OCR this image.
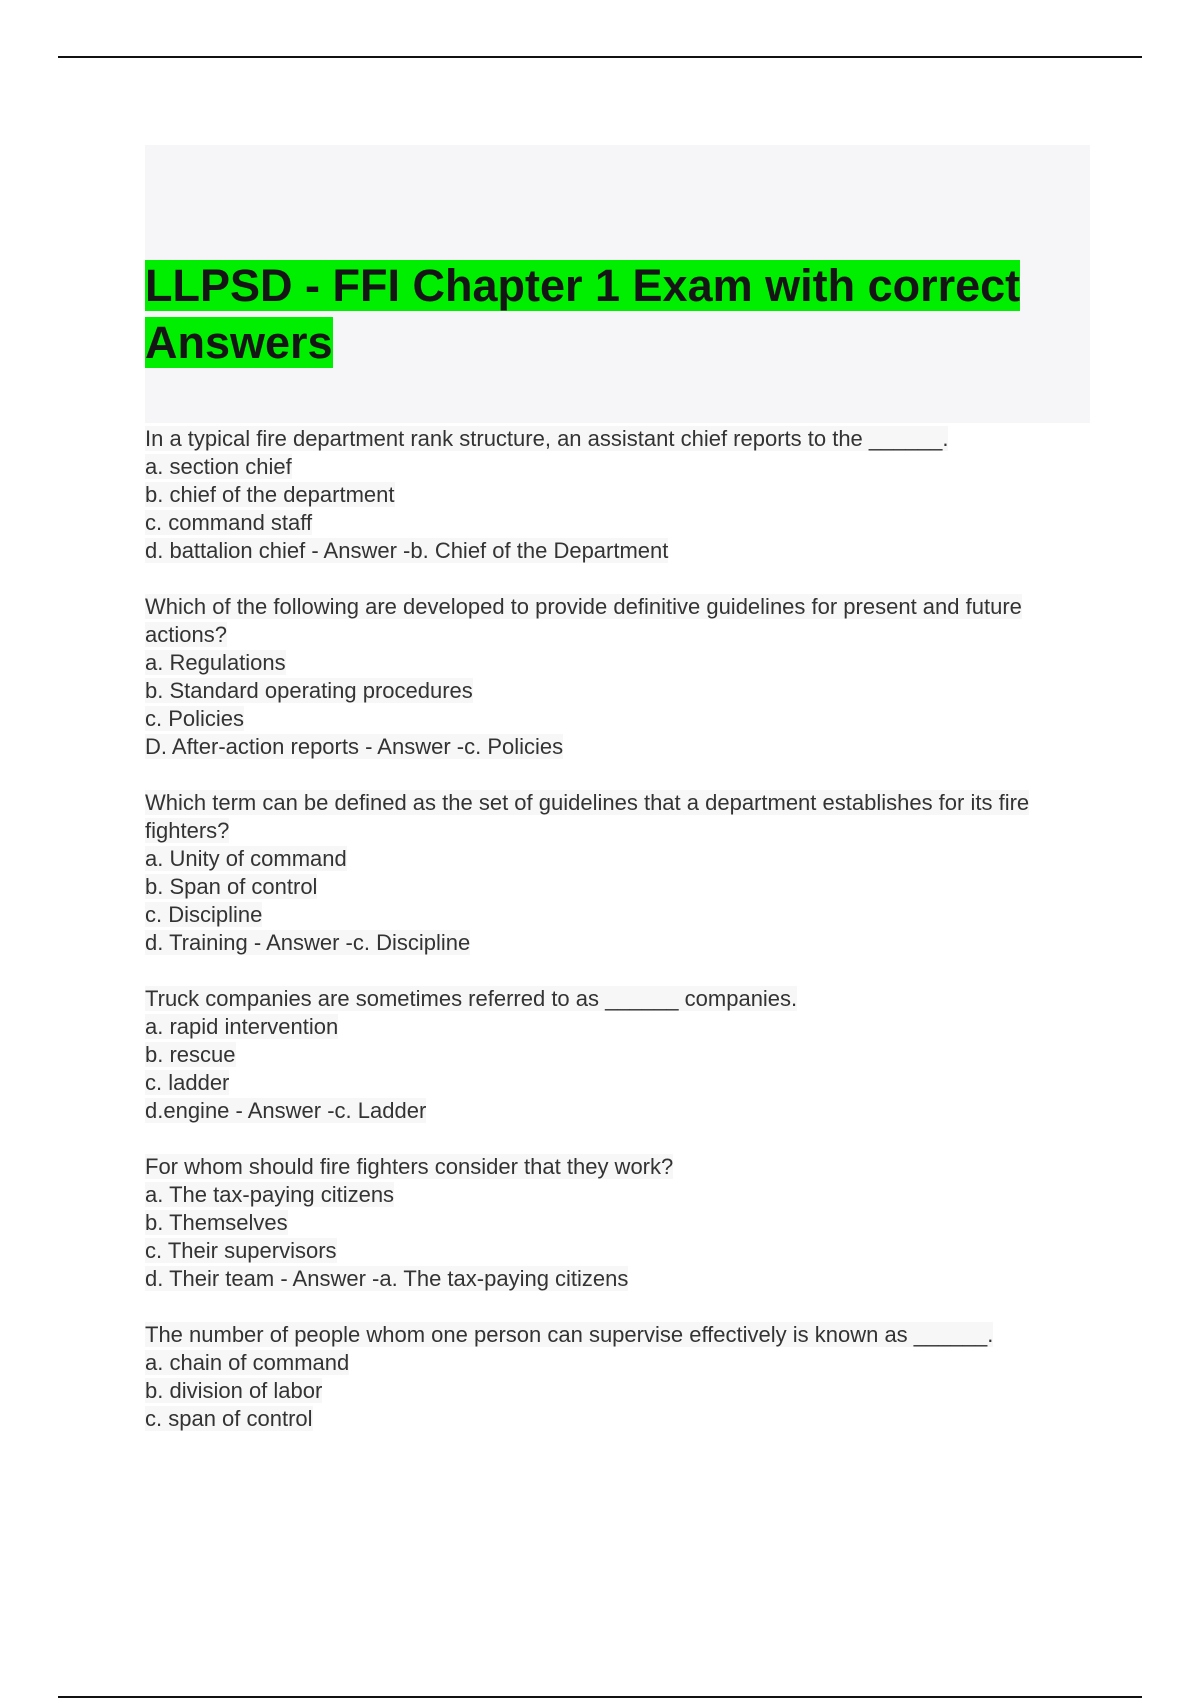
LLPSD - FFI Chapter 1 Exam with correct Answers
In a typical fire department rank structure, an assistant chief reports to the ______.
a. section chief
b. chief of the department
c. command staff
d. battalion chief - Answer -b. Chief of the Department
Which of the following are developed to provide definitive guidelines for present and future actions?
a. Regulations
b. Standard operating procedures
c. Policies
D. After-action reports - Answer -c. Policies
Which term can be defined as the set of guidelines that a department establishes for its fire fighters?
a. Unity of command
b. Span of control
c. Discipline
d. Training - Answer -c. Discipline
Truck companies are sometimes referred to as ______ companies.
a. rapid intervention
b. rescue
c. ladder
d.engine - Answer -c. Ladder
For whom should fire fighters consider that they work?
a. The tax-paying citizens
b. Themselves
c. Their supervisors
d. Their team - Answer -a. The tax-paying citizens
The number of people whom one person can supervise effectively is known as ______.
a. chain of command
b. division of labor
c. span of control
